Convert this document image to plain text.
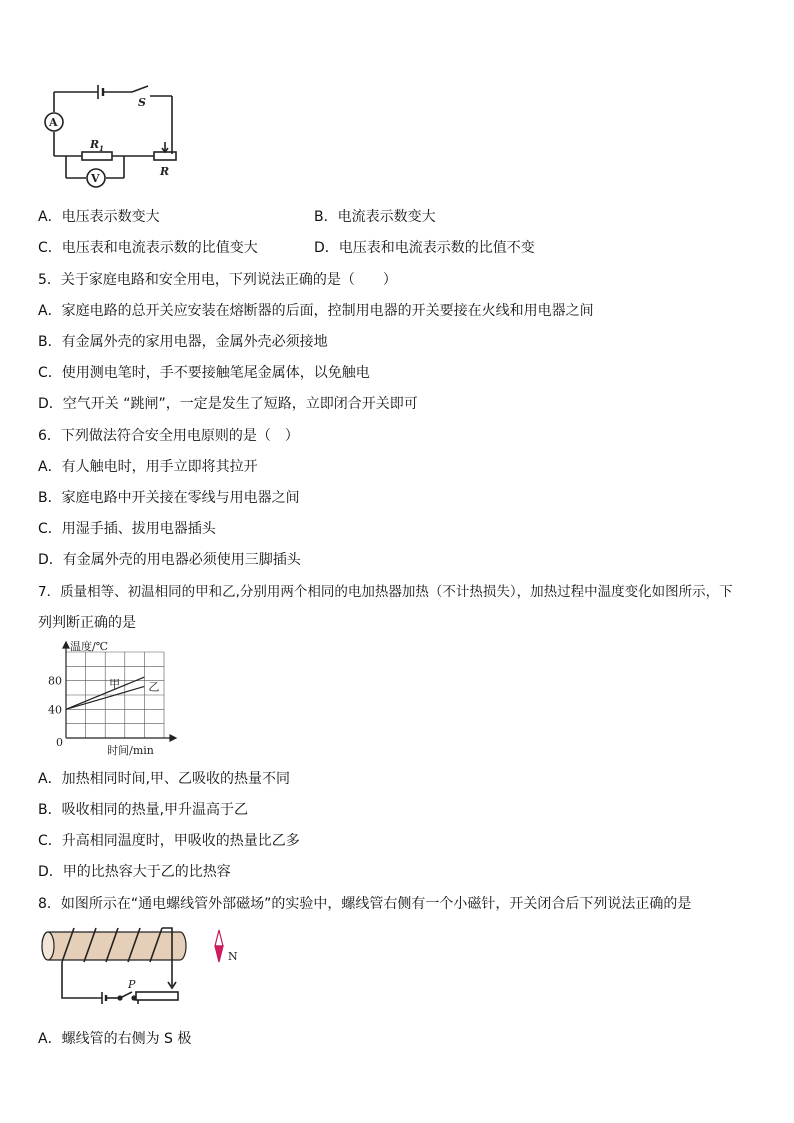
A
S
R 1
V
R
A．电压表示数变大	B．电流表示数变大
C．电压表和电流表示数的比值变大	D．电压表和电流表示数的比值不变
5．关于家庭电路和安全用电，下列说法正确的是（　　）
A．家庭电路的总开关应安装在熔断器的后面，控制用电器的开关要接在火线和用电器之间
B．有金属外壳的家用电器，金属外壳必须接地
C．使用测电笔时，手不要接触笔尾金属体，以免触电
D．空气开关 “跳闸”，一定是发生了短路，立即闭合开关即可
6．下列做法符合安全用电原则的是（　）
A．有人触电时，用手立即将其拉开
B．家庭电路中开关接在零线与用电器之间
C．用湿手插、拔用电器插头
D．有金属外壳的用电器必须使用三脚插头
7．质量相等、初温相同的甲和乙,分别用两个相同的电加热器加热（不计热损失），加热过程中温度变化如图所示，下
列判断正确的是
甲	乙
80
40
0
温度/℃
时间/min
A．加热相同时间,甲、乙吸收的热量不同
B．吸收相同的热量,甲升温高于乙
C．升高相同温度时，甲吸收的热量比乙多
D．甲的比热容大于乙的比热容
8．如图所示在“通电螺线管外部磁场”的实验中，螺线管右侧有一个小磁针，开关闭合后下列说法正确的是
P
N
A．螺线管的右侧为 S 极
